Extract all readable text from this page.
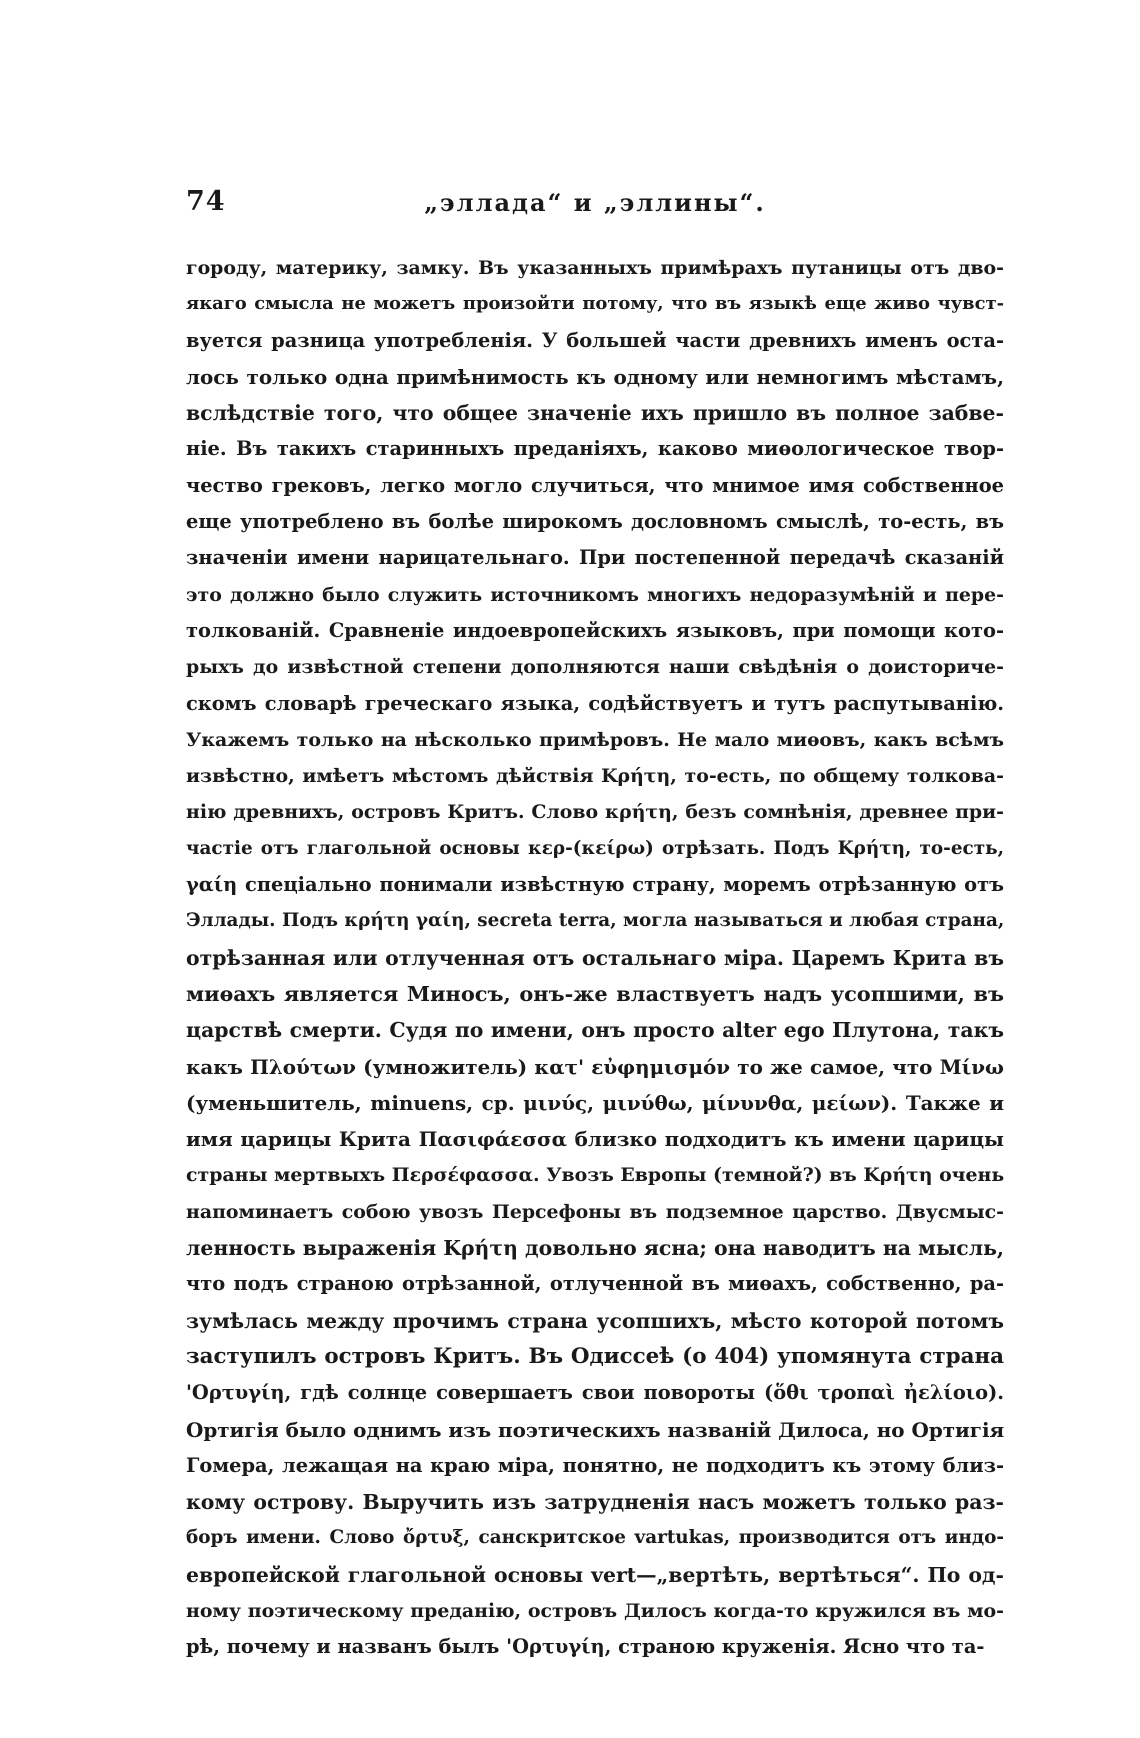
74	„эллада“ и „эллины“.
городу, материку, замку. Въ указанныхъ примѣрахъ путаницы отъ дво-
якаго смысла не можетъ произойти потому, что въ языкѣ еще живо чувст-
вуется разница употребленія. У большей части древнихъ именъ оста-
лось только одна примѣнимость къ одному или немногимъ мѣстамъ,
вслѣдствіе того, что общее значеніе ихъ пришло въ полное забве-
ніе. Въ такихъ старинныхъ преданіяхъ, каково миѳологическое твор-
чество грековъ, легко могло случиться, что мнимое имя собственное
еще употреблено въ болѣе широкомъ дословномъ смыслѣ, то-есть, въ
значеніи имени нарицательнаго. При постепенной передачѣ сказаній
это должно было служить источникомъ многихъ недоразумѣній и пере-
толкованій. Сравненіе индоевропейскихъ языковъ, при помощи кото-
рыхъ до извѣстной степени дополняются наши свѣдѣнія о доисториче-
скомъ словарѣ греческаго языка, содѣйствуетъ и тутъ распутыванію.
Укажемъ только на нѣсколько примѣровъ. Не мало миѳовъ, какъ всѣмъ
извѣстно, имѣетъ мѣстомъ дѣйствія Κρήτη, то-есть, по общему толкова-
нію древнихъ, островъ Критъ. Слово κρήτη, безъ сомнѣнія, древнее при-
частіе отъ глагольной основы κερ-(κείρω) отрѣзать. Подъ Κρήτη, то-есть,
γαίη спеціально понимали извѣстную страну, моремъ отрѣзанную отъ
Эллады. Подъ κρήτη γαίη, secreta terra, могла называться и любая страна,
отрѣзанная или отлученная отъ остальнаго міра. Царемъ Крита въ
миѳахъ является Миносъ, онъ-же властвуетъ надъ усопшими, въ
царствѣ смерти. Судя по имени, онъ просто alter ego Плутона, такъ
какъ Πλούτων (умножитель) κατ' εὐφημισμόν то же самое, что Μίνω
(уменьшитель, minuens, ср. μινύς, μινύθω, μίνυνθα, μείων). Также и
имя царицы Крита Πασιφάεσσα близко подходитъ къ имени царицы
страны мертвыхъ Περσέφασσα. Увозъ Европы (темной?) въ Κρήτη очень
напоминаетъ собою увозъ Персефоны въ подземное царство. Двусмыс-
ленность выраженія Κρήτη довольно ясна; она наводитъ на мысль,
что подъ страною отрѣзанной, отлученной въ миѳахъ, собственно, ра-
зумѣлась между прочимъ страна усопшихъ, мѣсто которой потомъ
заступилъ островъ Критъ. Въ Одиссеѣ (ο 404) упомянута страна
'Ορτυγίη, гдѣ солнце совершаетъ свои повороты (ὅθι τροπαὶ ἠελίοιο).
Ортигія было однимъ изъ поэтическихъ названій Дилоса, но Ортигія
Гомера, лежащая на краю міра, понятно, не подходитъ къ этому близ-
кому острову. Выручить изъ затрудненія насъ можетъ только раз-
боръ имени. Слово ὄρτυξ, санскритское vartukas, производится отъ индо-
европейской глагольной основы vert—„вертѣть, вертѣться“. По од-
ному поэтическому преданію, островъ Дилосъ когда-то кружился въ мо-
рѣ, почему и названъ былъ 'Ορτυγίη, страною круженія. Ясно что та-
